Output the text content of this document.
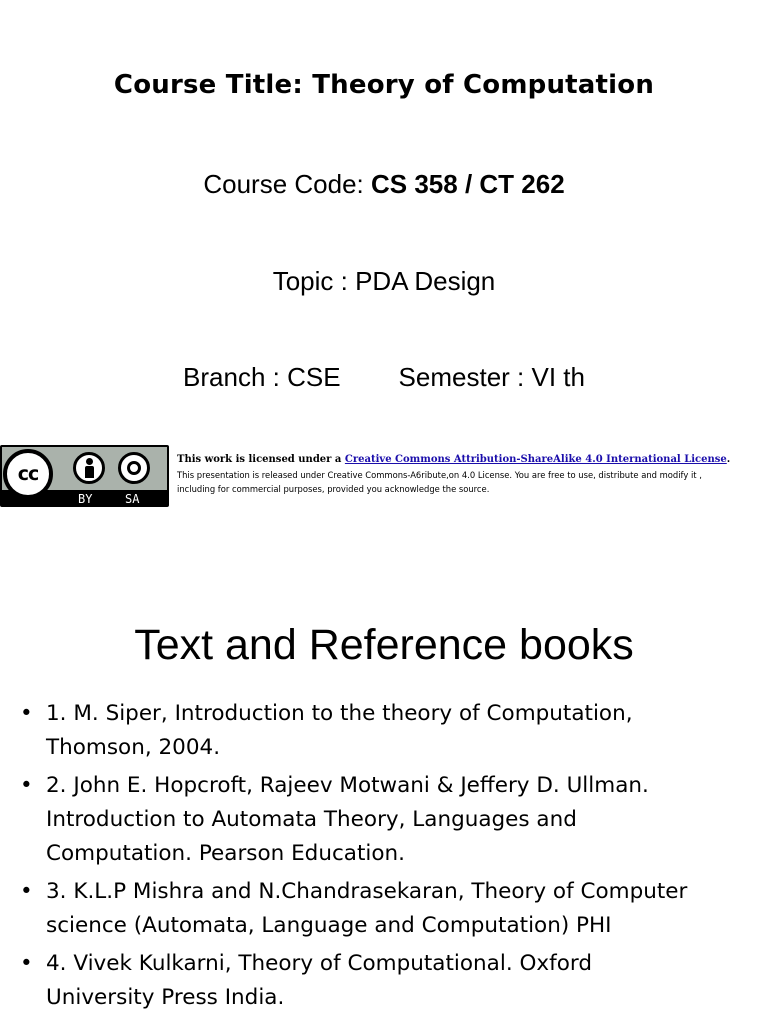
Course Title: Theory of Computation
Course Code: CS 358 / CT 262
Topic : PDA Design
Branch : CSE Semester : VI th
cc
BY	SA
This work is licensed under a Creative Commons Attribution-ShareAlike 4.0 International License.
This presentation is released under Creative Commons-A6ribute,on 4.0 License. You are free to use, distribute and modify it ,
including for commercial purposes, provided you acknowledge the source.
Text and Reference books
• 1. M. Siper, Introduction to the theory of Computation,
Thomson, 2004.
• 2. John E. Hopcroft, Rajeev Motwani & Jeffery D. Ullman.
Introduction to Automata Theory, Languages and
Computation. Pearson Education.
• 3. K.L.P Mishra and N.Chandrasekaran, Theory of Computer
science (Automata, Language and Computation) PHI
• 4. Vivek Kulkarni, Theory of Computational. Oxford
University Press India.
